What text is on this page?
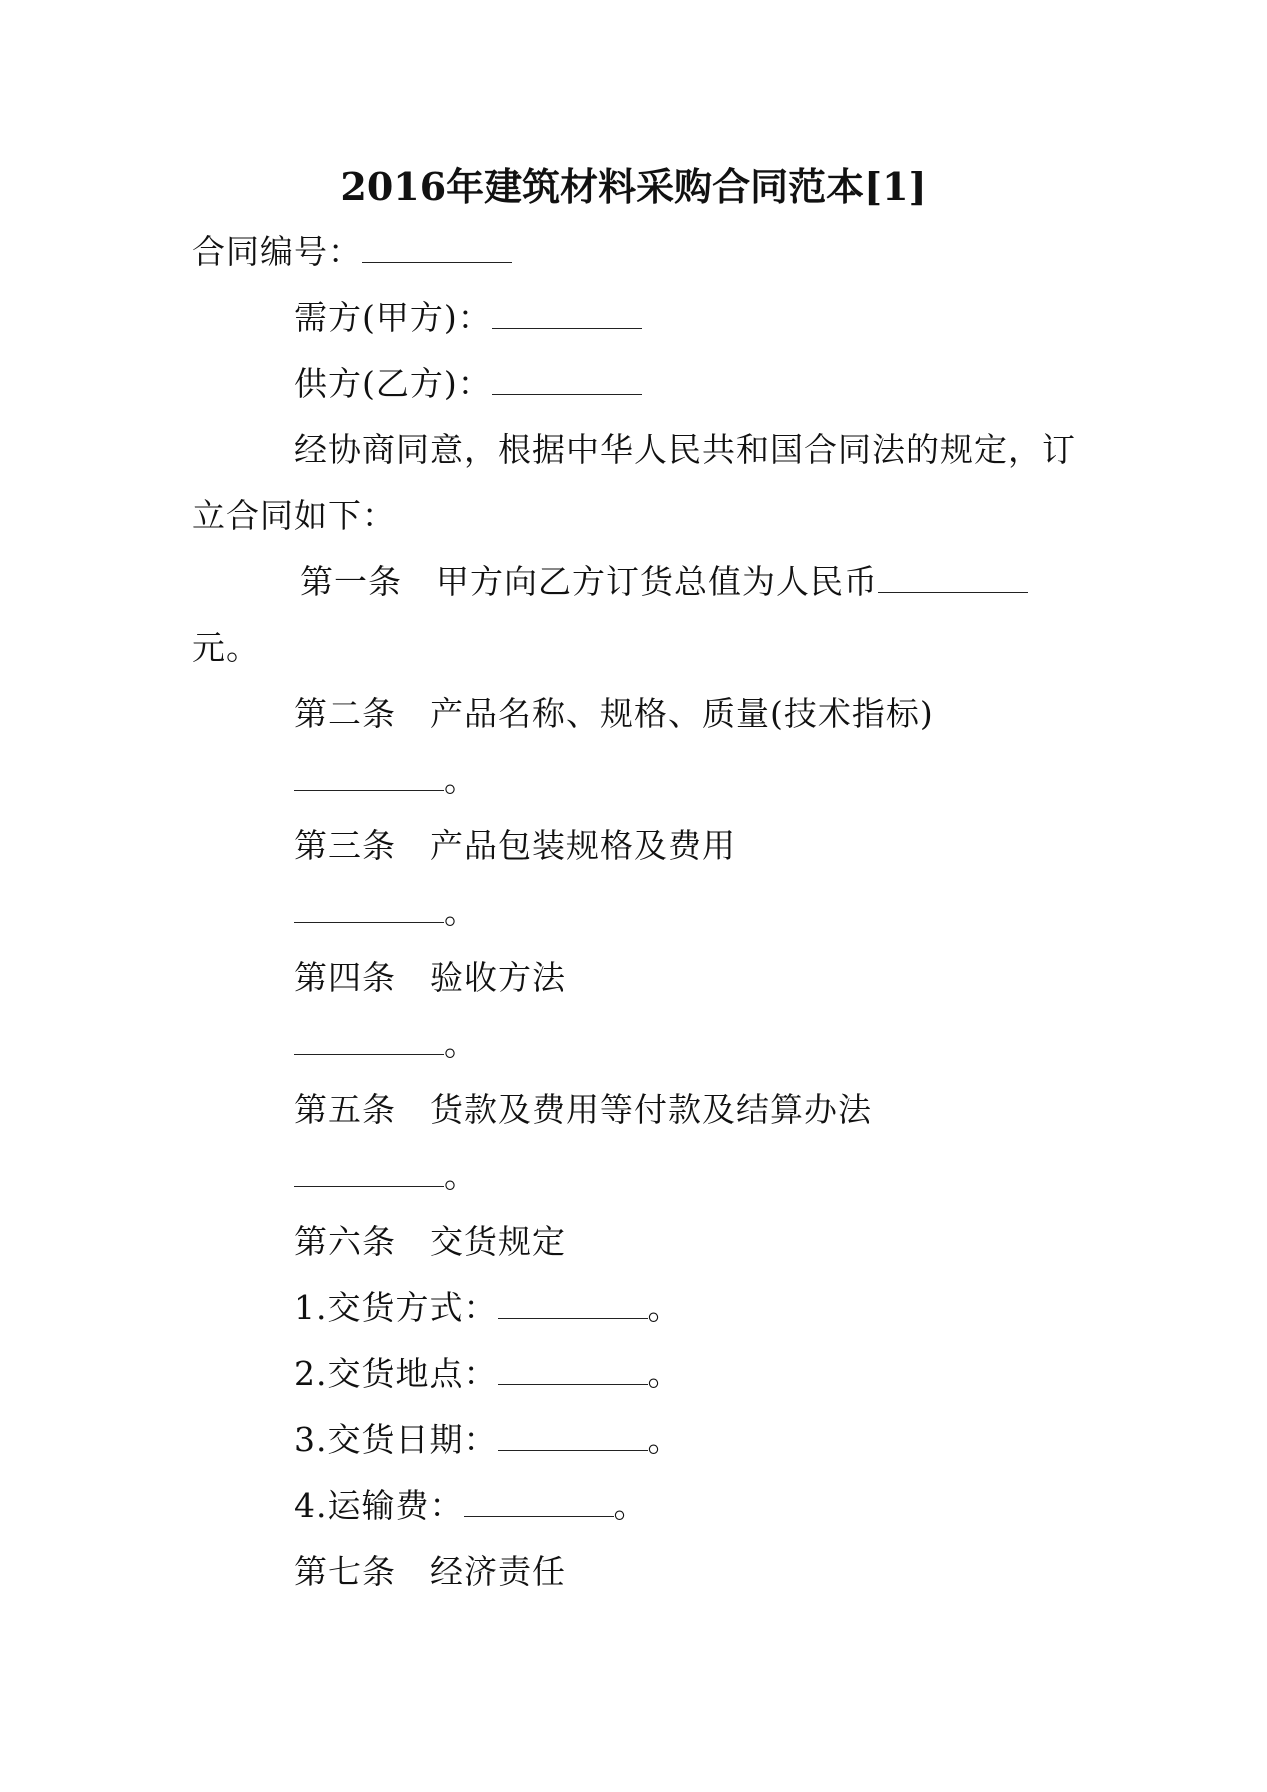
2016年建筑材料采购合同范本[1]
合同编号：
需方(甲方)：
供方(乙方)：
经协商同意，根据中华人民共和国合同法的规定，订
立合同如下：
第一条 甲方向乙方订货总值为人民币
元。
第二条 产品名称、规格、质量(技术指标)
。
第三条 产品包装规格及费用
。
第四条 验收方法
。
第五条 货款及费用等付款及结算办法
。
第六条 交货规定
1.交货方式：	。
2.交货地点：	。
3.交货日期：	。
4.运输费：	。
第七条 经济责任
